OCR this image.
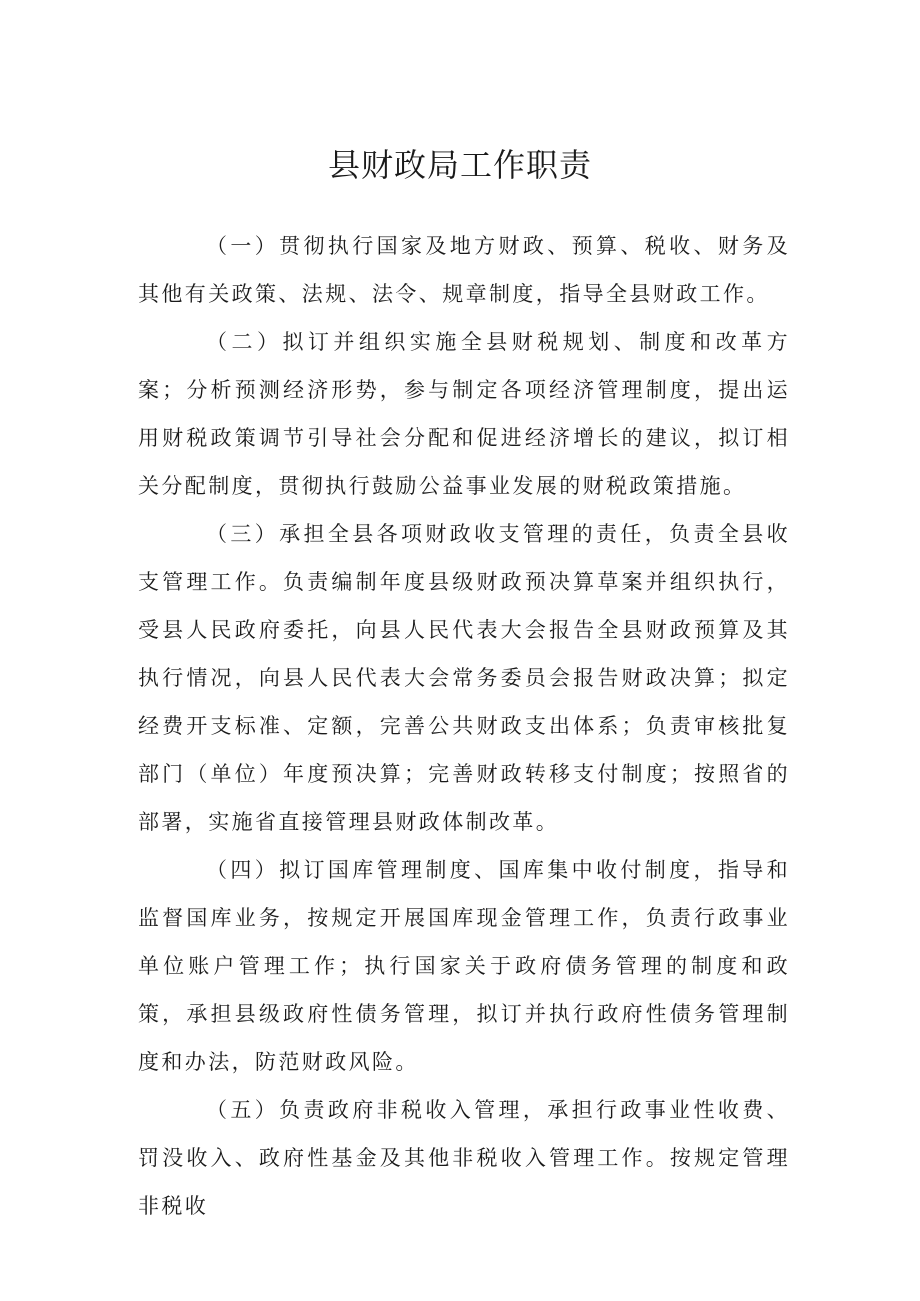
县财政局工作职责

（一）贯彻执行国家及地方财政、预算、税收、财务及其他有关政策、法规、法令、规章制度，指导全县财政工作。

（二）拟订并组织实施全县财税规划、制度和改革方案；分析预测经济形势，参与制定各项经济管理制度，提出运用财税政策调节引导社会分配和促进经济增长的建议，拟订相关分配制度，贯彻执行鼓励公益事业发展的财税政策措施。

（三）承担全县各项财政收支管理的责任，负责全县收支管理工作。负责编制年度县级财政预决算草案并组织执行，受县人民政府委托，向县人民代表大会报告全县财政预算及其执行情况，向县人民代表大会常务委员会报告财政决算；拟定经费开支标准、定额，完善公共财政支出体系；负责审核批复部门（单位）年度预决算；完善财政转移支付制度；按照省的部署，实施省直接管理县财政体制改革。

（四）拟订国库管理制度、国库集中收付制度，指导和监督国库业务，按规定开展国库现金管理工作，负责行政事业单位账户管理工作；执行国家关于政府债务管理的制度和政策，承担县级政府性债务管理，拟订并执行政府性债务管理制度和办法，防范财政风险。

（五）负责政府非税收入管理，承担行政事业性收费、罚没收入、政府性基金及其他非税收入管理工作。按规定管理非税收
